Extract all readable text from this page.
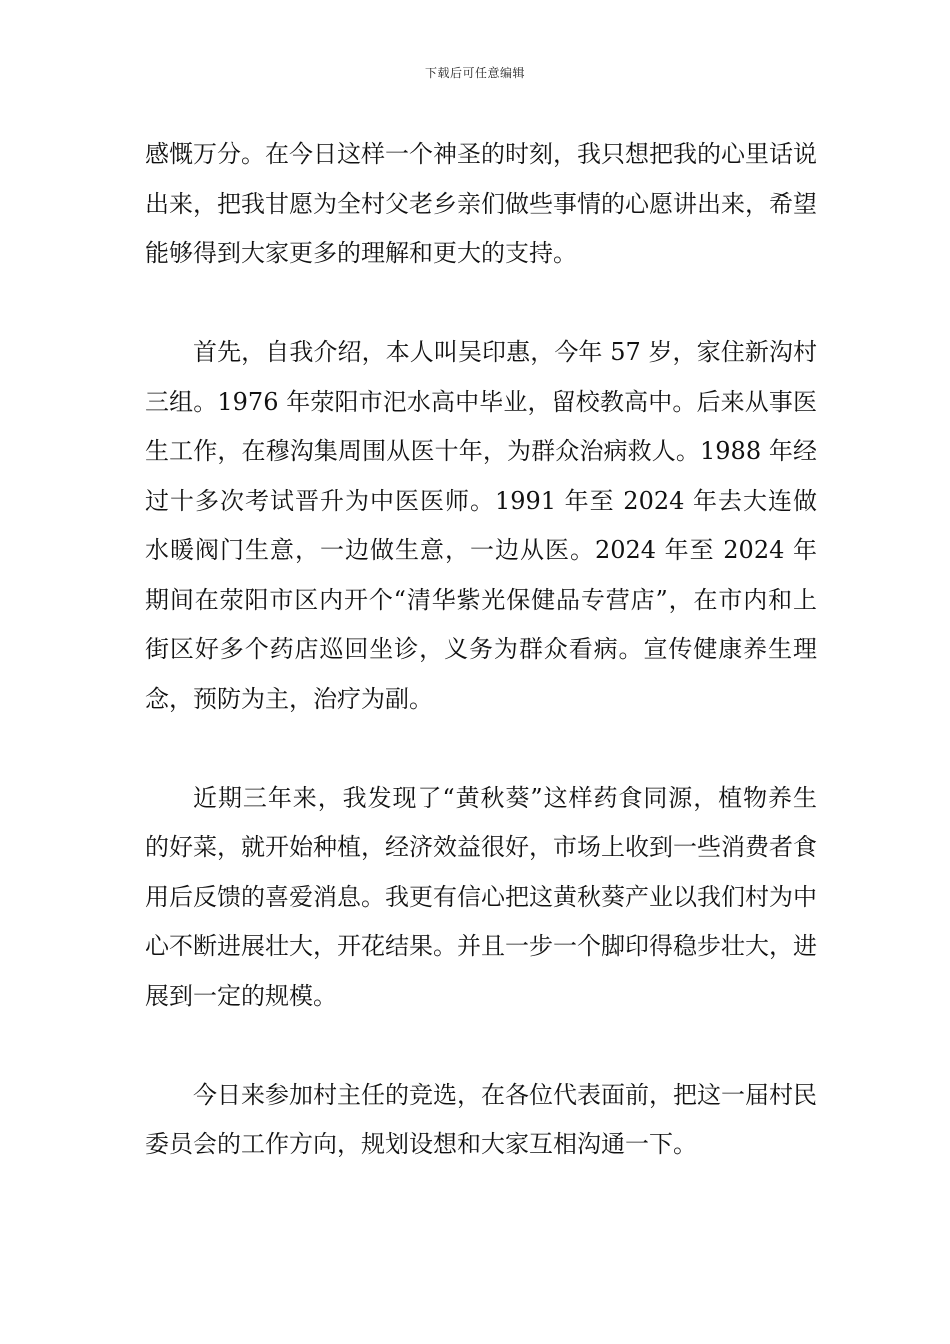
下载后可任意编辑

感慨万分。在今日这样一个神圣的时刻，我只想把我的心里话说出来，把我甘愿为全村父老乡亲们做些事情的心愿讲出来，希望能够得到大家更多的理解和更大的支持。

首先，自我介绍，本人叫吴印惠，今年 57 岁，家住新沟村三组。1976 年荥阳市汜水高中毕业，留校教高中。后来从事医生工作，在穆沟集周围从医十年，为群众治病救人。1988 年经过十多次考试晋升为中医医师。1991 年至 2024 年去大连做水暖阀门生意，一边做生意，一边从医。2024 年至 2024 年期间在荥阳市区内开个“清华紫光保健品专营店”，在市内和上街区好多个药店巡回坐诊，义务为群众看病。宣传健康养生理念，预防为主，治疗为副。

近期三年来，我发现了“黄秋葵”这样药食同源，植物养生的好菜，就开始种植，经济效益很好，市场上收到一些消费者食用后反馈的喜爱消息。我更有信心把这黄秋葵产业以我们村为中心不断进展壮大，开花结果。并且一步一个脚印得稳步壮大，进展到一定的规模。

今日来参加村主任的竞选，在各位代表面前，把这一届村民委员会的工作方向，规划设想和大家互相沟通一下。
